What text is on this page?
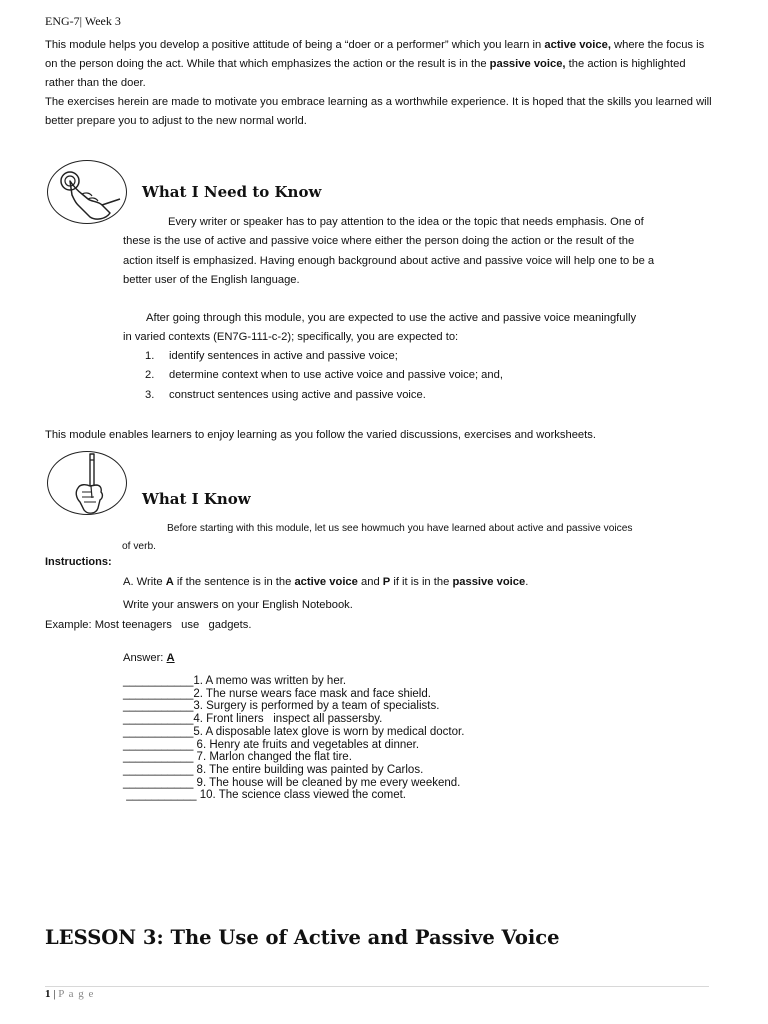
ENG-7| Week 3

This module helps you develop a positive attitude of being a “doer or a performer” which you learn in active voice, where the focus is on the person doing the act. While that which emphasizes the action or the result is in the passive voice, the action is highlighted rather than the doer.

The exercises herein are made to motivate you embrace learning as a worthwhile experience. It is hoped that the skills you learned will better prepare you to adjust to the new normal world.

What I Need to Know

Every writer or speaker has to pay attention to the idea or the topic that needs emphasis. One of these is the use of active and passive voice where either the person doing the action or the result of the action itself is emphasized. Having enough background about active and passive voice will help one to be a better user of the English language.

After going through this module, you are expected to use the active and passive voice meaningfully in varied contexts (EN7G-111-c-2); specifically, you are expected to:

1. identify sentences in active and passive voice;
2. determine context when to use active voice and passive voice; and,
3. construct sentences using active and passive voice.

This module enables learners to enjoy learning as you follow the varied discussions, exercises and worksheets.

What I Know

Before starting with this module, let us see howmuch you have learned about active and passive voices of verb.

Instructions:

A. Write A if the sentence is in the active voice and P if it is in the passive voice.

Write your answers on your English Notebook.

Example: Most teenagers   use   gadgets.

Answer: A

___________1. A memo was written by her.
___________2. The nurse wears face mask and face shield.
___________3. Surgery is performed by a team of specialists.
___________4. Front liners   inspect all passersby.
___________5. A disposable latex glove is worn by medical doctor.
___________ 6. Henry ate fruits and vegetables at dinner.
___________ 7. Marlon changed the flat tire.
___________ 8. The entire building was painted by Carlos.
___________ 9. The house will be cleaned by me every weekend.
___________ 10. The science class viewed the comet.
LESSON 3: The Use of Active and Passive Voice
1 | P a g e
